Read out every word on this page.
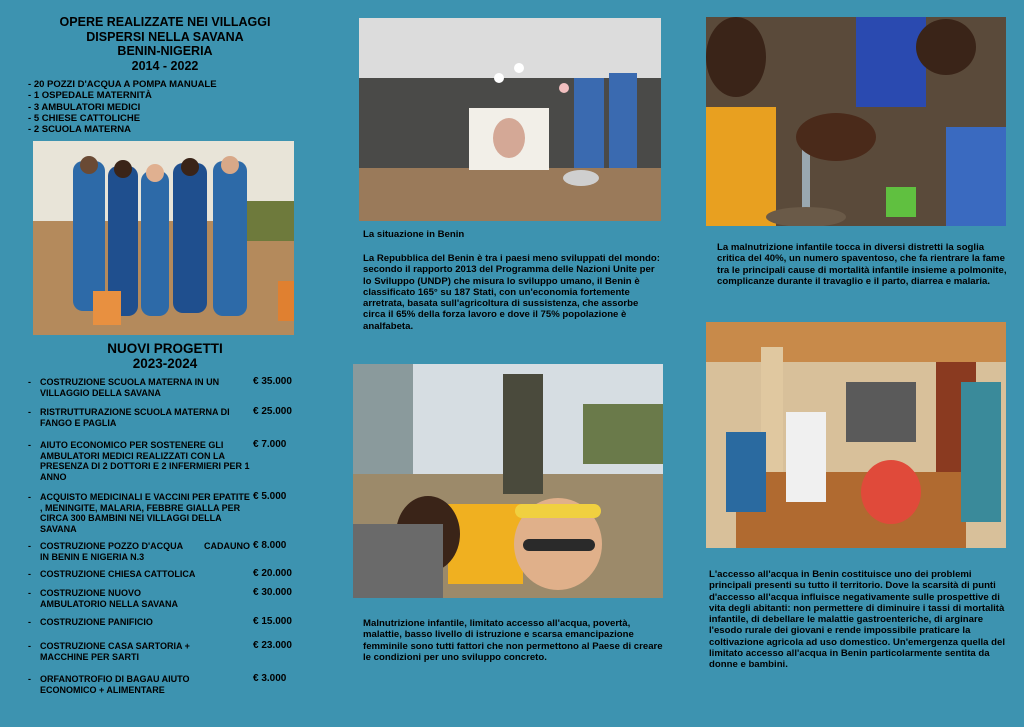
OPERE REALIZZATE NEI VILLAGGI
DISPERSI NELLA SAVANA
BENIN-NIGERIA
2014 - 2022
- 20 POZZI D'ACQUA A POMPA MANUALE
- 1 OSPEDALE MATERNITÀ
- 3 AMBULATORI MEDICI
- 5 CHIESE CATTOLICHE
- 2 SCUOLA MATERNA
NUOVI PROGETTI
2023-2024
- COSTRUZIONE SCUOLA MATERNA IN UN VILLAGGIO DELLA SAVANA
€ 35.000
- RISTRUTTURAZIONE SCUOLA MATERNA DI FANGO E PAGLIA
€ 25.000
- AIUTO ECONOMICO PER SOSTENERE GLI AMBULATORI MEDICI REALIZZATI CON LA PRESENZA DI 2 DOTTORI E 2 INFERMIERI PER 1 ANNO
€ 7.000
- ACQUISTO MEDICINALI E VACCINI PER EPATITE , MENINGITE, MALARIA, FEBBRE GIALLA PER CIRCA 300 BAMBINI NEI VILLAGGI DELLA SAVANA
€ 5.000
- COSTRUZIONE POZZO D'ACQUA IN BENIN E NIGERIA N.3
CADAUNO € 8.000
- COSTRUZIONE CHIESA CATTOLICA	€ 20.000
- COSTRUZIONE NUOVO AMBULATORIO NELLA SAVANA
€ 30.000
- COSTRUZIONE PANIFICIO	€ 15.000
- COSTRUZIONE CASA SARTORIA + MACCHINE PER SARTI
€ 23.000
- ORFANOTROFIO DI BAGAU AIUTO ECONOMICO + ALIMENTARE
€ 3.000
La situazione in Benin
La Repubblica del Benin è tra i paesi meno sviluppati del mondo: secondo il rapporto 2013 del Programma delle Nazioni Unite per lo Sviluppo (UNDP) che misura lo sviluppo umano, il Benin è classificato 165° su 187 Stati, con un'economia fortemente arretrata, basata sull'agricoltura di sussistenza, che assorbe circa il 65% della forza lavoro e dove il 75% popolazione è analfabeta.
Malnutrizione infantile, limitato accesso all'acqua, povertà, malattie, basso livello di istruzione e scarsa emancipazione femminile sono tutti fattori che non permettono al Paese di creare le condizioni per uno sviluppo concreto.
La malnutrizione infantile tocca in diversi distretti la soglia critica del 40%, un numero spaventoso, che fa rientrare la fame tra le principali cause di mortalità infantile insieme a polmonite, complicanze durante il travaglio e il parto, diarrea e malaria.
L'accesso all'acqua in Benin costituisce uno dei problemi principali presenti su tutto il territorio. Dove la scarsità di punti d'accesso all'acqua influisce negativamente sulle prospettive di vita degli abitanti: non permettere di diminuire i tassi di mortalità infantile, di debellare le malattie gastroenteriche, di arginare l'esodo rurale dei giovani e rende impossibile praticare la coltivazione agricola ad uso domestico. Un'emergenza quella del limitato accesso all'acqua in Benin particolarmente sentita da donne e bambini.
